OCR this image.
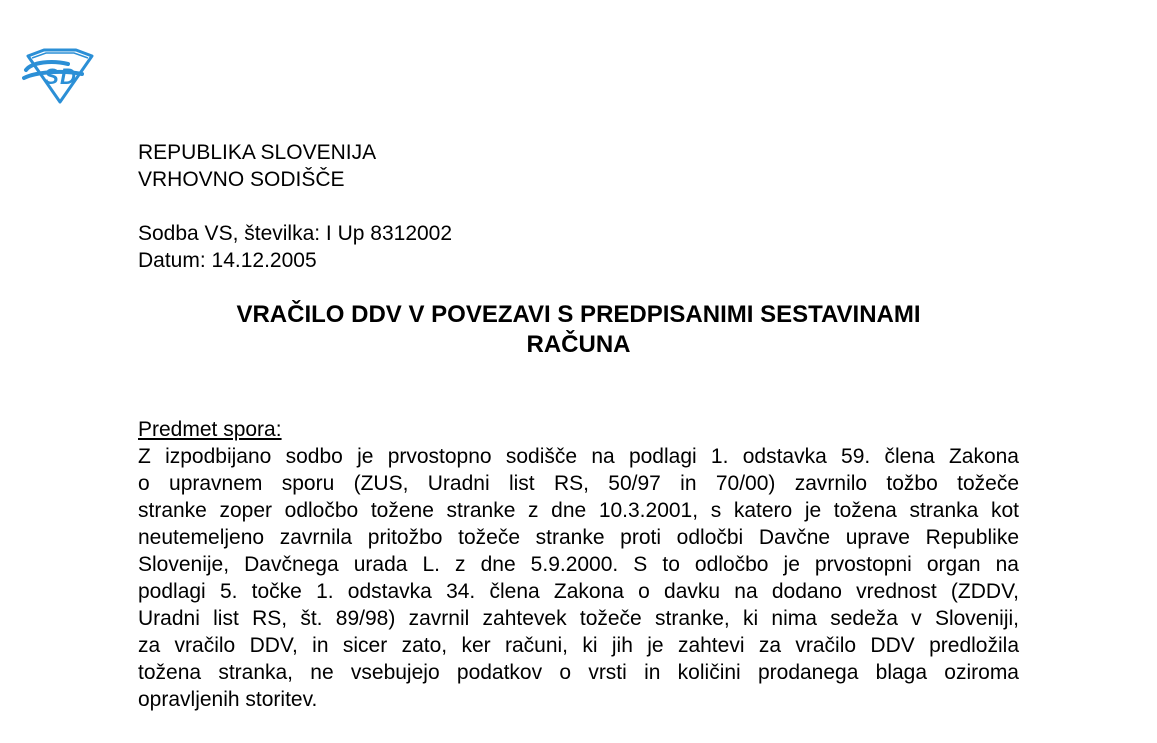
S D
REPUBLIKA SLOVENIJA
VRHOVNO SODIŠČE
Sodba VS, številka: I Up 8312002
Datum: 14.12.2005
VRAČILO DDV V POVEZAVI S PREDPISANIMI SESTAVINAMI
RAČUNA
Predmet spora:
Z izpodbijano sodbo je prvostopno sodišče na podlagi 1. odstavka 59. člena Zakona
o upravnem sporu (ZUS, Uradni list RS, 50/97 in 70/00) zavrnilo tožbo tožeče
stranke zoper odločbo tožene stranke z dne 10.3.2001, s katero je tožena stranka kot
neutemeljeno zavrnila pritožbo tožeče stranke proti odločbi Davčne uprave Republike
Slovenije, Davčnega urada L. z dne 5.9.2000. S to odločbo je prvostopni organ na
podlagi 5. točke 1. odstavka 34. člena Zakona o davku na dodano vrednost (ZDDV,
Uradni list RS, št. 89/98) zavrnil zahtevek tožeče stranke, ki nima sedeža v Sloveniji,
za vračilo DDV, in sicer zato, ker računi, ki jih je zahtevi za vračilo DDV predložila
tožena stranka, ne vsebujejo podatkov o vrsti in količini prodanega blaga oziroma
opravljenih storitev.
